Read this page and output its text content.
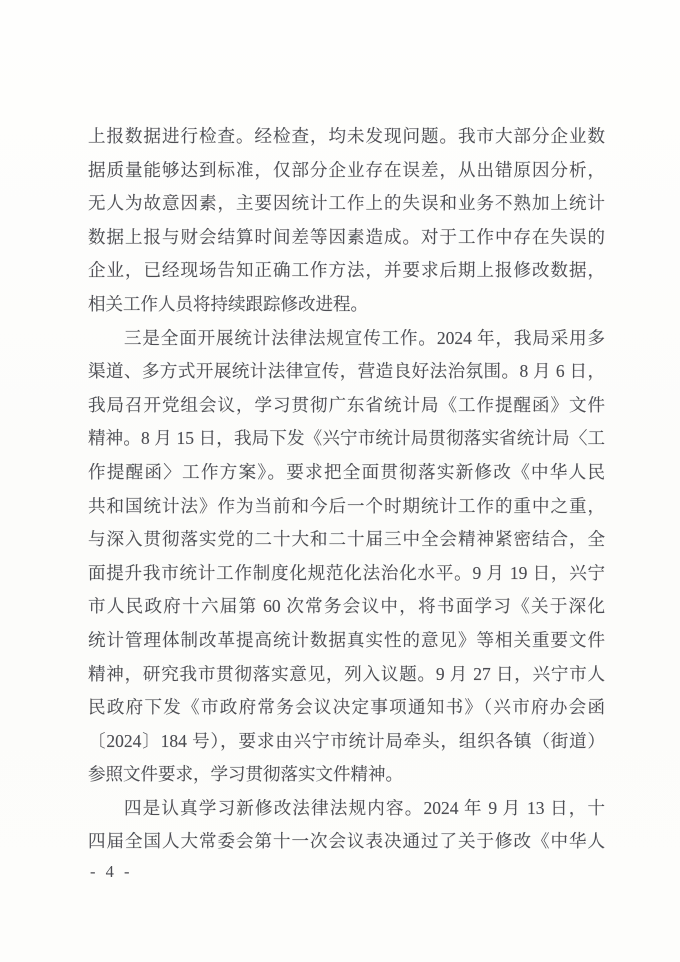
上报数据进行检查。经检查，均未发现问题。我市大部分企业数
据质量能够达到标准，仅部分企业存在误差，从出错原因分析，
无人为故意因素，主要因统计工作上的失误和业务不熟加上统计
数据上报与财会结算时间差等因素造成。对于工作中存在失误的
企业，已经现场告知正确工作方法，并要求后期上报修改数据，
相关工作人员将持续跟踪修改进程。
三是全面开展统计法律法规宣传工作。2024 年，我局采用多
渠道、多方式开展统计法律宣传，营造良好法治氛围。8 月 6 日，
我局召开党组会议，学习贯彻广东省统计局《工作提醒函》文件
精神。8 月 15 日，我局下发《兴宁市统计局贯彻落实省统计局〈工
作提醒函〉工作方案》。要求把全面贯彻落实新修改《中华人民
共和国统计法》作为当前和今后一个时期统计工作的重中之重，
与深入贯彻落实党的二十大和二十届三中全会精神紧密结合，全
面提升我市统计工作制度化规范化法治化水平。9 月 19 日，兴宁
市人民政府十六届第 60 次常务会议中，将书面学习《关于深化
统计管理体制改革提高统计数据真实性的意见》等相关重要文件
精神，研究我市贯彻落实意见，列入议题。9 月 27 日，兴宁市人
民政府下发《市政府常务会议决定事项通知书》（兴市府办会函
〔2024〕184 号），要求由兴宁市统计局牵头，组织各镇（街道）
参照文件要求，学习贯彻落实文件精神。
四是认真学习新修改法律法规内容。2024 年 9 月 13 日，十
四届全国人大常委会第十一次会议表决通过了关于修改《中华人
- 4 -
